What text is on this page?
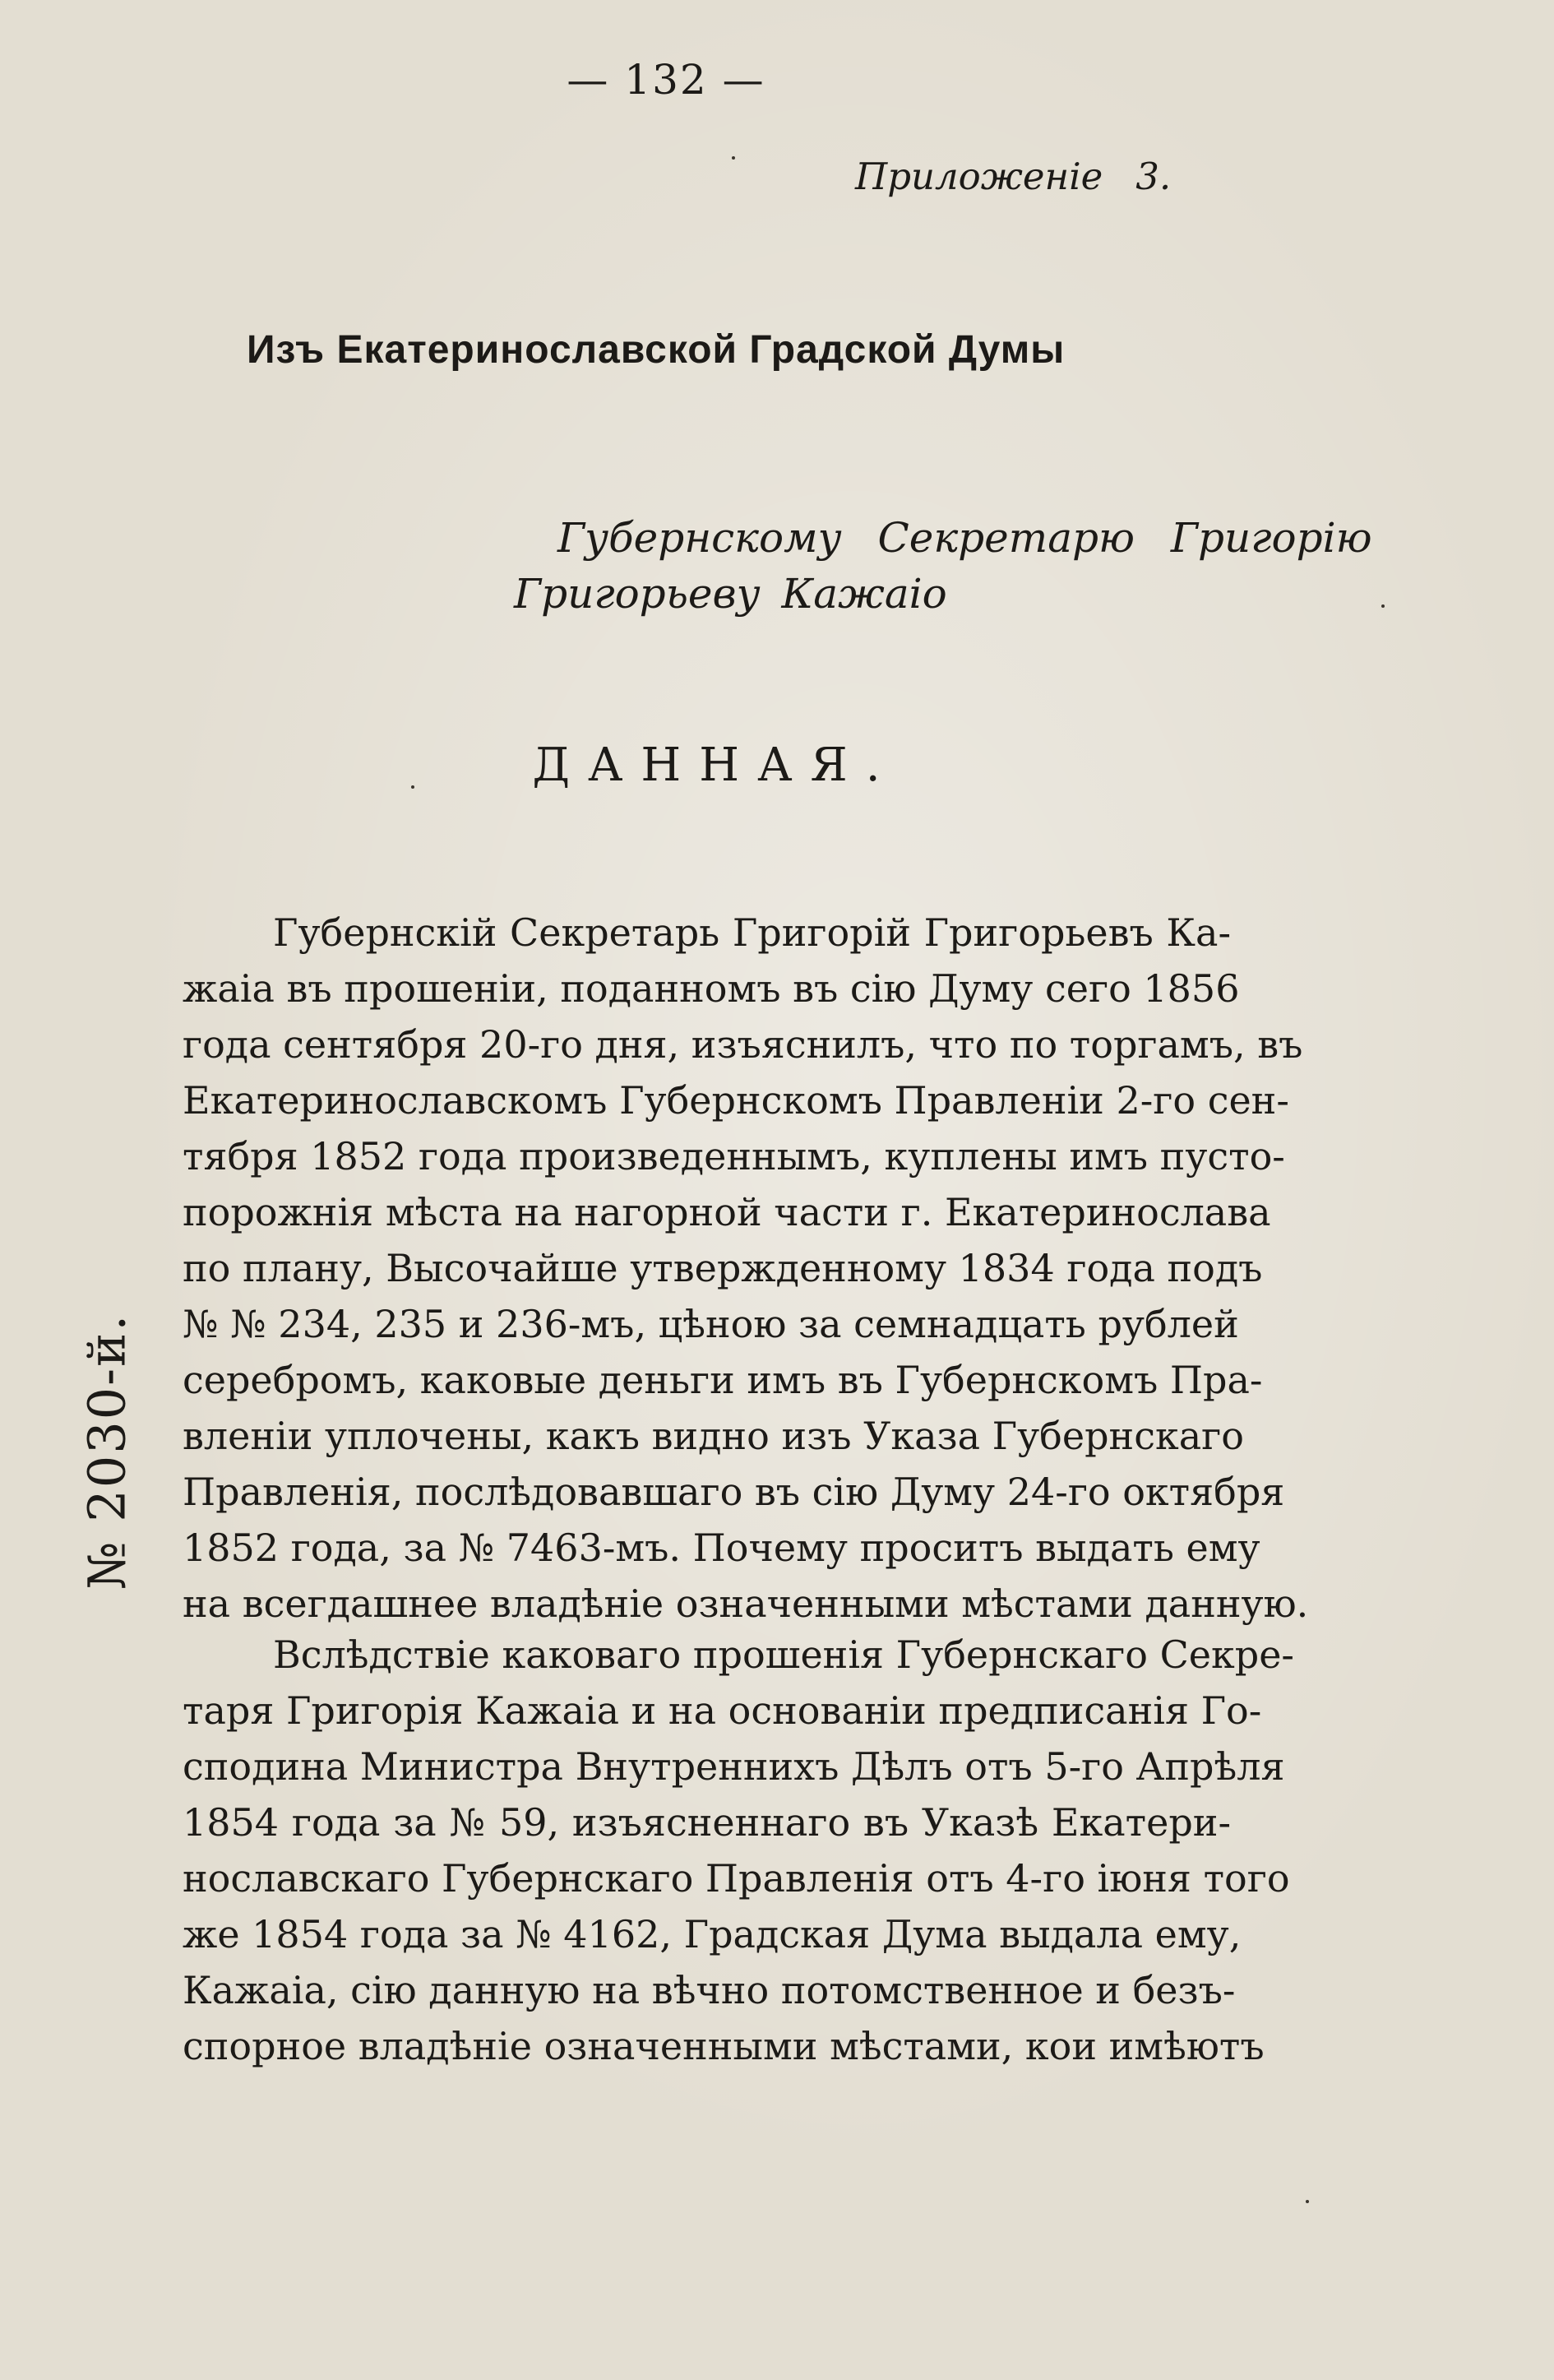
— 132 —
Приложеніе 3.
Изъ Екатеринославской Градской Думы
Губернскому Секретарю Григорію
Григорьеву Кажаіо
ДАННАЯ.

Губернскій Секретарь Григорій Григорьевъ Ка-
жаіа въ прошеніи, поданномъ въ сію Думу сего 1856
года сентября 20-го дня, изъяснилъ, что по торгамъ, въ
Екатеринославскомъ Губернскомъ Правленіи 2-го сен-
тября 1852 года произведеннымъ, куплены имъ пусто-
порожнія мѣста на нагорной части г. Екатеринослава
по плану, Высочайше утвержденному 1834 года подъ
№ № 234, 235 и 236-мъ, цѣною за семнадцать рублей
серебромъ, каковые деньги имъ въ Губернскомъ Пра-
вленіи уплочены, какъ видно изъ Указа Губернскаго
Правленія, послѣдовавшаго въ сію Думу 24-го октября
1852 года, за № 7463-мъ. Почему проситъ выдать ему
на всегдашнее владѣніе означенными мѣстами данную.

Вслѣдствіе каковаго прошенія Губернскаго Секре-
таря Григорія Кажаіа и на основаніи предписанія Го-
сподина Министра Внутреннихъ Дѣлъ отъ 5-го Апрѣля
1854 года за № 59, изъясненнаго въ Указѣ Екатери-
нославскаго Губернскаго Правленія отъ 4-го іюня того
же 1854 года за № 4162, Градская Дума выдала ему,
Кажаіа, сію данную на вѣчно потомственное и безъ-
спорное владѣніе означенными мѣстами, кои имѣютъ

№ 2030-й.
